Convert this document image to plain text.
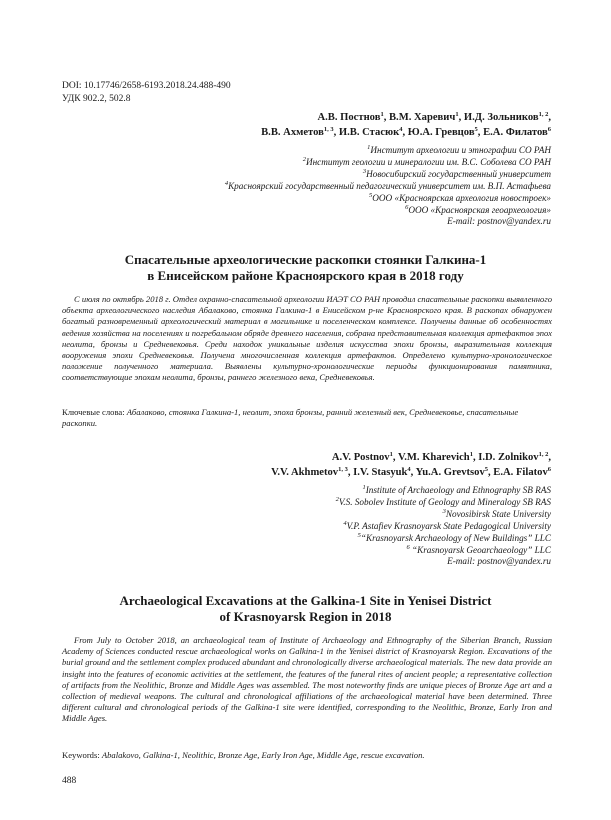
DOI: 10.17746/2658-6193.2018.24.488-490
УДК 902.2, 502.8
А.В. Постнов$^1$, В.М. Харевич$^1$, И.Д. Зольников$^{1, 2}$,
В.В. Ахметов$^{1, 3}$, И.В. Стасюк$^4$, Ю.А. Гревцов$^5$, Е.А. Филатов$^6$
$^1$Институт археологии и этнографии СО РАН
$^2$Институт геологии и минералогии им. В.С. Соболева СО РАН
$^3$Новосибирский государственный университет
$^4$Красноярский государственный педагогический университет им. В.П. Астафьева
$^5$ООО «Красноярская археология новостроек»
$^6$ООО «Красноярская геоархеология»
E-mail: postnov@yandex.ru
Спасательные археологические раскопки стоянки Галкина-1
в Енисейском районе Красноярского края в 2018 году
С июля по октябрь 2018 г. Отдел охранно-спасательной археологии ИАЭТ СО РАН проводил спасательные раскопки выявленного объекта археологического наследия Абалаково, стоянка Галкина-1 в Енисейском р-не Красноярского края. В раскопах обнаружен богатый разновременный археологический материал в могильнике и поселенческом комплексе. Получены данные об особенностях ведения хозяйства на поселениях и погребальном обряде древнего населения, собрана представительная коллекция артефактов эпох неолита, бронзы и Средневековья. Среди находок уникальные изделия искусства эпохи бронзы, выразительная коллекция вооружения эпохи Средневековья. Получена многочисленная коллекция артефактов. Определено культурно-хронологическое положение полученного материала. Выявлены культурно-хронологические периоды функционирования памятника, соответствующие эпохам неолита, бронзы, раннего железного века, Средневековья.
Ключевые слова: Абалаково, стоянка Галкина-1, неолит, эпоха бронзы, ранний железный век, Средневековье, спасательные раскопки.
A.V. Postnov$^1$, V.M. Kharevich$^1$, I.D. Zolnikov$^{1, 2}$,
V.V. Akhmetov$^{1, 3}$, I.V. Stasyuk$^4$, Yu.A. Grevtsov$^5$, E.A. Filatov$^6$
$^1$Institute of Archaeology and Ethnography SB RAS
$^2$V.S. Sobolev Institute of Geology and Mineralogy SB RAS
$^3$Novosibirsk State University
$^4$V.P. Astafiev Krasnoyarsk State Pedagogical University
$^5$“Krasnoyarsk Archaeology of New Buildings” LLC
$^6$ “Krasnoyarsk Geoarchaeology” LLC
E-mail: postnov@yandex.ru
Archaeological Excavations at the Galkina-1 Site in Yenisei District
of Krasnoyarsk Region in 2018
From July to October 2018, an archaeological team of Institute of Archaeology and Ethnography of the Siberian Branch, Russian Academy of Sciences conducted rescue archaeological works on Galkina-1 in the Yenisei district of Krasnoyarsk Region. Excavations of the burial ground and the settlement complex produced abundant and chronologically diverse archaeological materials. The new data provide an insight into the features of economic activities at the settlement, the features of the funeral rites of ancient people; a representative collection of artifacts from the Neolithic, Bronze and Middle Ages was assembled. The most noteworthy finds are unique pieces of Bronze Age art and a collection of medieval weapons. The cultural and chronological affiliations of the archaeological material have been determined. Three different cultural and chronological periods of the Galkina-1 site were identified, corresponding to the Neolithic, Bronze, Early Iron and Middle Ages.
Keywords: Abalakovo, Galkina-1, Neolithic, Bronze Age, Early Iron Age, Middle Age, rescue excavation.
488
